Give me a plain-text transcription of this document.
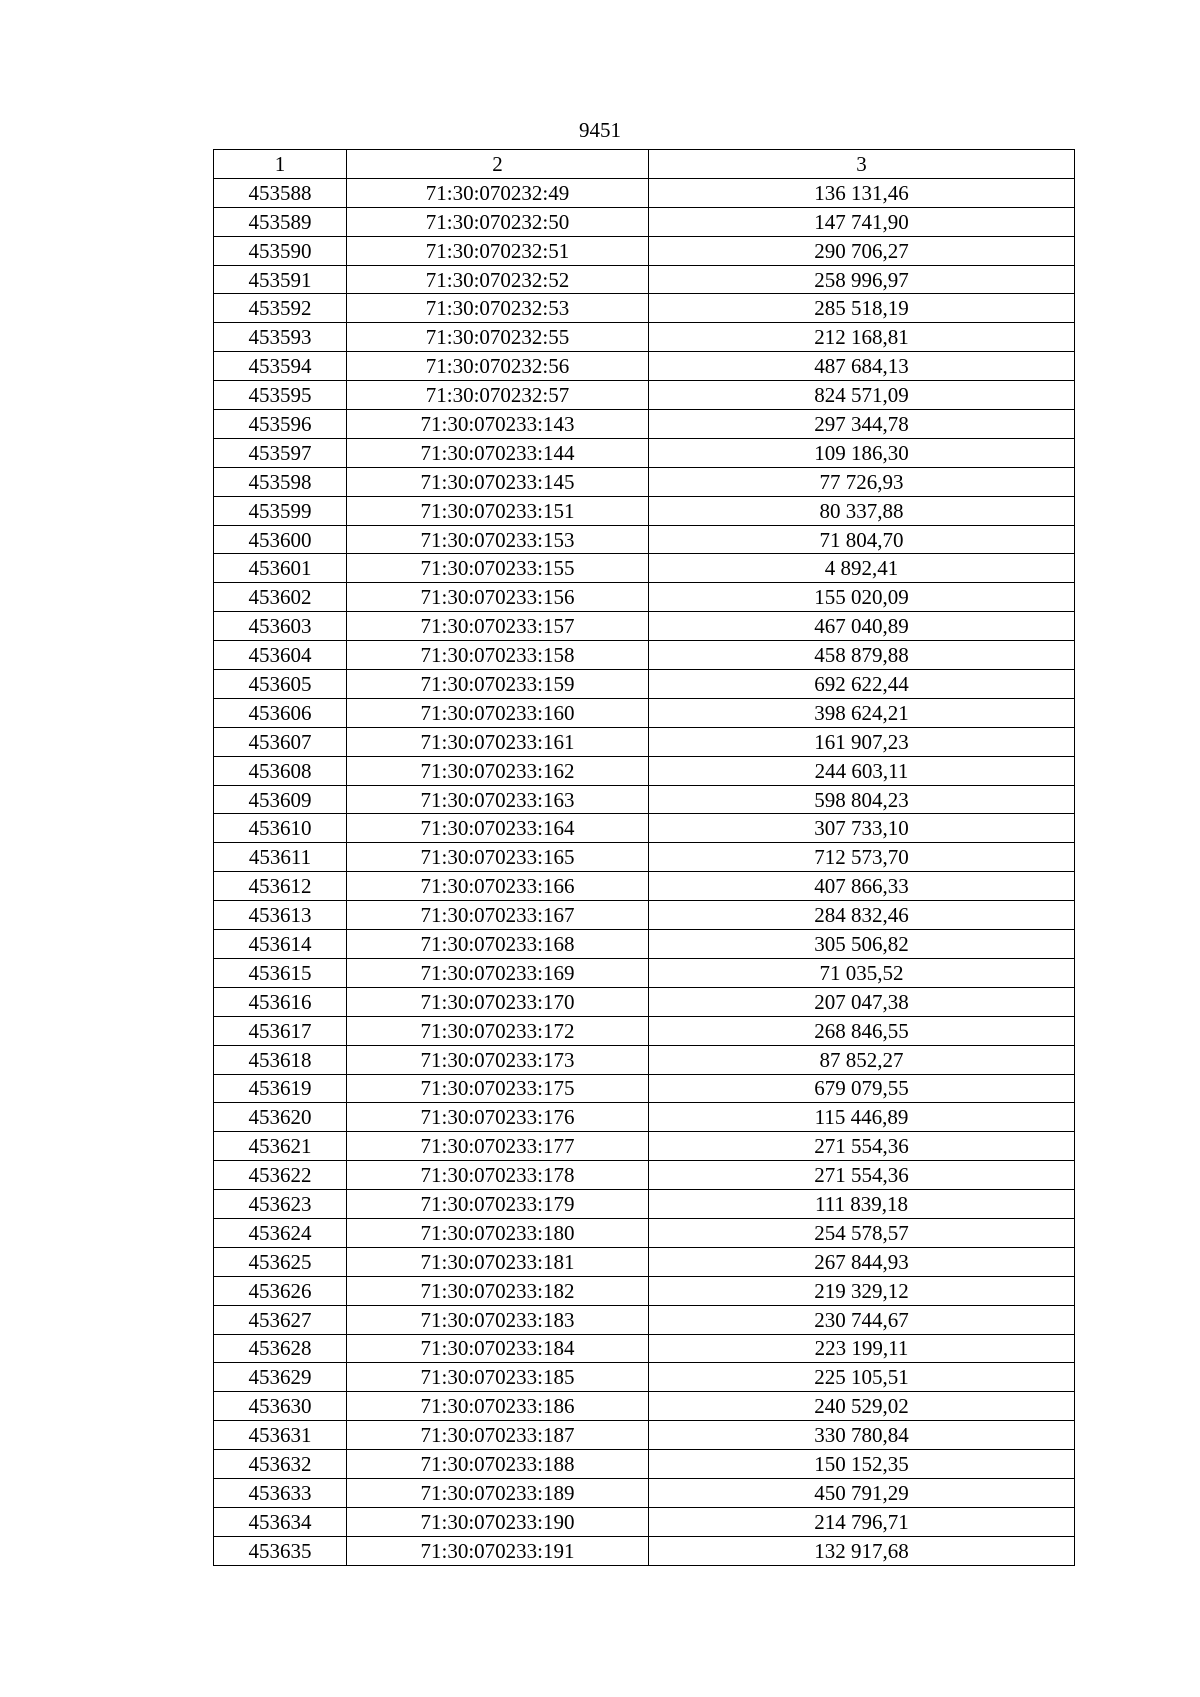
9451
1	2	3
453588	71:30:070232:49	136 131,46
453589	71:30:070232:50	147 741,90
453590	71:30:070232:51	290 706,27
453591	71:30:070232:52	258 996,97
453592	71:30:070232:53	285 518,19
453593	71:30:070232:55	212 168,81
453594	71:30:070232:56	487 684,13
453595	71:30:070232:57	824 571,09
453596	71:30:070233:143	297 344,78
453597	71:30:070233:144	109 186,30
453598	71:30:070233:145	77 726,93
453599	71:30:070233:151	80 337,88
453600	71:30:070233:153	71 804,70
453601	71:30:070233:155	4 892,41
453602	71:30:070233:156	155 020,09
453603	71:30:070233:157	467 040,89
453604	71:30:070233:158	458 879,88
453605	71:30:070233:159	692 622,44
453606	71:30:070233:160	398 624,21
453607	71:30:070233:161	161 907,23
453608	71:30:070233:162	244 603,11
453609	71:30:070233:163	598 804,23
453610	71:30:070233:164	307 733,10
453611	71:30:070233:165	712 573,70
453612	71:30:070233:166	407 866,33
453613	71:30:070233:167	284 832,46
453614	71:30:070233:168	305 506,82
453615	71:30:070233:169	71 035,52
453616	71:30:070233:170	207 047,38
453617	71:30:070233:172	268 846,55
453618	71:30:070233:173	87 852,27
453619	71:30:070233:175	679 079,55
453620	71:30:070233:176	115 446,89
453621	71:30:070233:177	271 554,36
453622	71:30:070233:178	271 554,36
453623	71:30:070233:179	111 839,18
453624	71:30:070233:180	254 578,57
453625	71:30:070233:181	267 844,93
453626	71:30:070233:182	219 329,12
453627	71:30:070233:183	230 744,67
453628	71:30:070233:184	223 199,11
453629	71:30:070233:185	225 105,51
453630	71:30:070233:186	240 529,02
453631	71:30:070233:187	330 780,84
453632	71:30:070233:188	150 152,35
453633	71:30:070233:189	450 791,29
453634	71:30:070233:190	214 796,71
453635	71:30:070233:191	132 917,68
